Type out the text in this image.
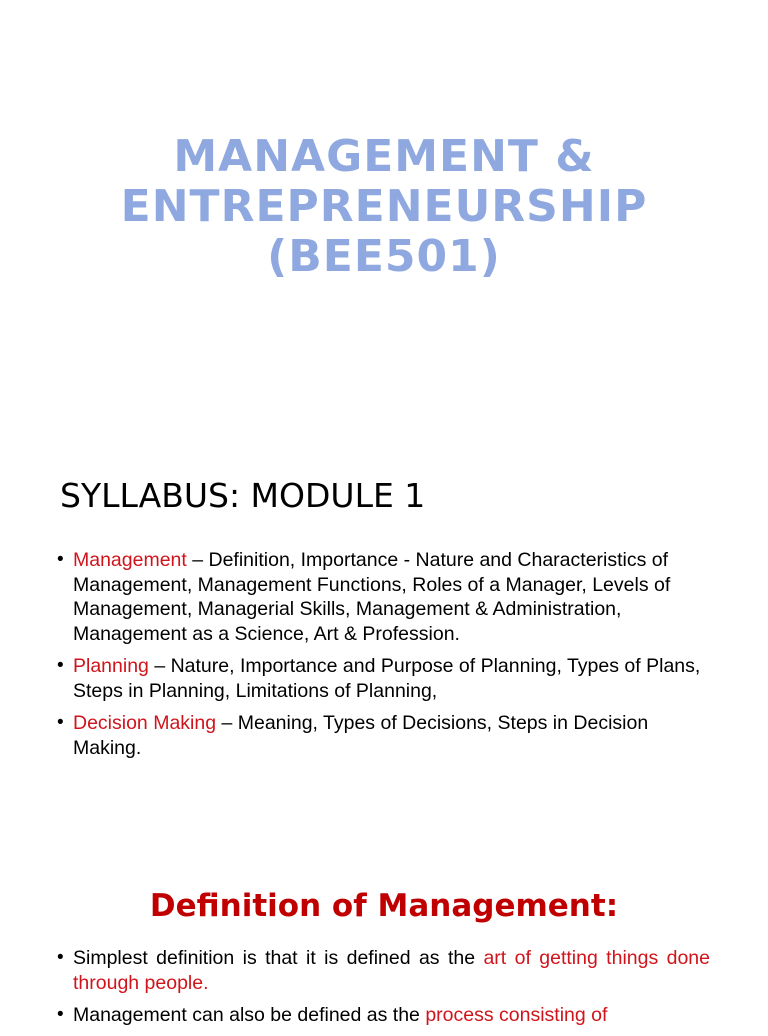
MANAGEMENT &
ENTREPRENEURSHIP
(BEE501)
SYLLABUS: MODULE 1
• Management – Definition, Importance - Nature and Characteristics of Management, Management Functions, Roles of a Manager, Levels of Management, Managerial Skills, Management & Administration, Management as a Science, Art & Profession.
• Planning – Nature, Importance and Purpose of Planning, Types of Plans, Steps in Planning, Limitations of Planning,
• Decision Making – Meaning, Types of Decisions, Steps in Decision Making.
Definition of Management:
• Simplest definition is that it is defined as the art of getting things done through people.
• Management can also be defined as the process consisting of
